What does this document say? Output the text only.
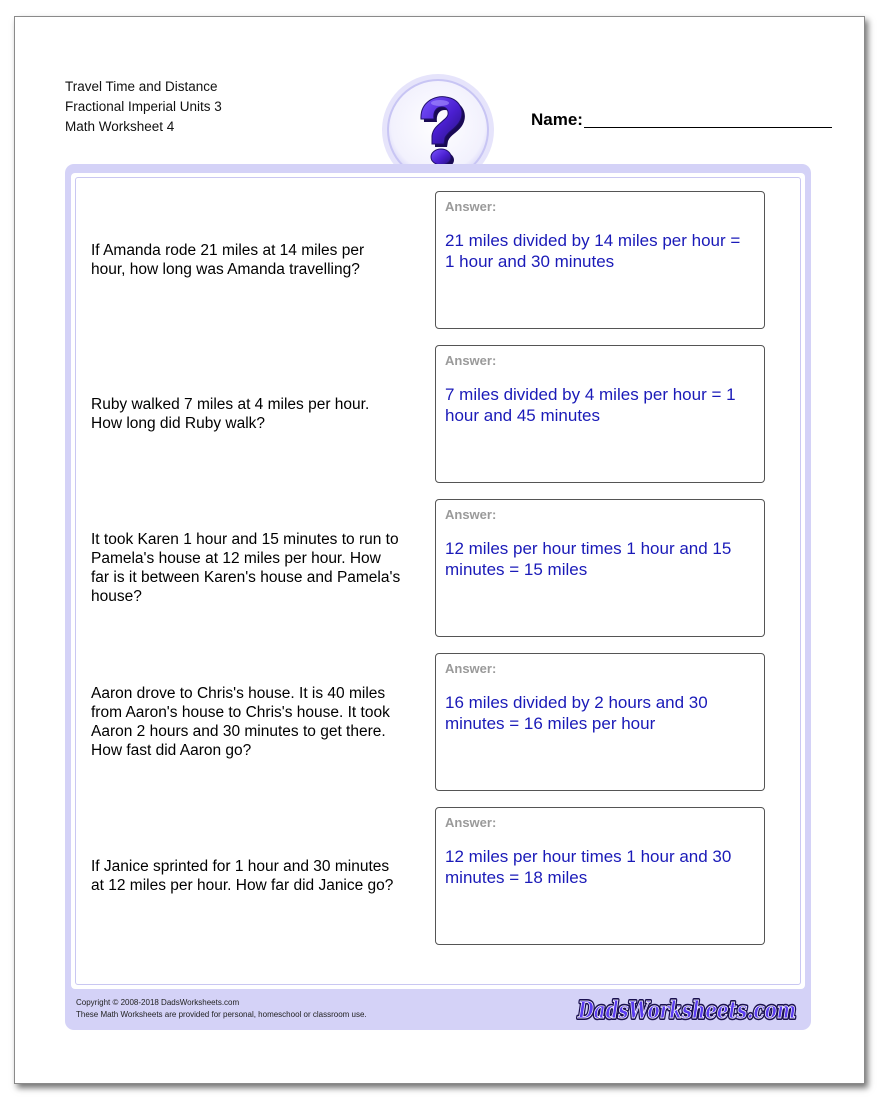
Travel Time and Distance
Fractional Imperial Units 3
Math Worksheet 4	Name:
If Amanda rode 21 miles at 14 miles per hour, how long was Amanda travelling?
Answer:
21 miles divided by 14 miles per hour = 1 hour and 30 minutes
Ruby walked 7 miles at 4 miles per hour. How long did Ruby walk?
Answer:
7 miles divided by 4 miles per hour = 1 hour and 45 minutes
It took Karen 1 hour and 15 minutes to run to Pamela's house at 12 miles per hour. How far is it between Karen's house and Pamela's house?
Answer:
12 miles per hour times 1 hour and 15 minutes = 15 miles
Aaron drove to Chris's house. It is 40 miles from Aaron's house to Chris's house. It took Aaron 2 hours and 30 minutes to get there. How fast did Aaron go?
Answer:
16 miles divided by 2 hours and 30 minutes = 16 miles per hour
If Janice sprinted for 1 hour and 30 minutes at 12 miles per hour. How far did Janice go?
Answer:
12 miles per hour times 1 hour and 30 minutes = 18 miles
Copyright © 2008-2018 DadsWorksheets.com
These Math Worksheets are provided for personal, homeschool or classroom use.	DadsWorksheets.com
DadsWorksheets.com
